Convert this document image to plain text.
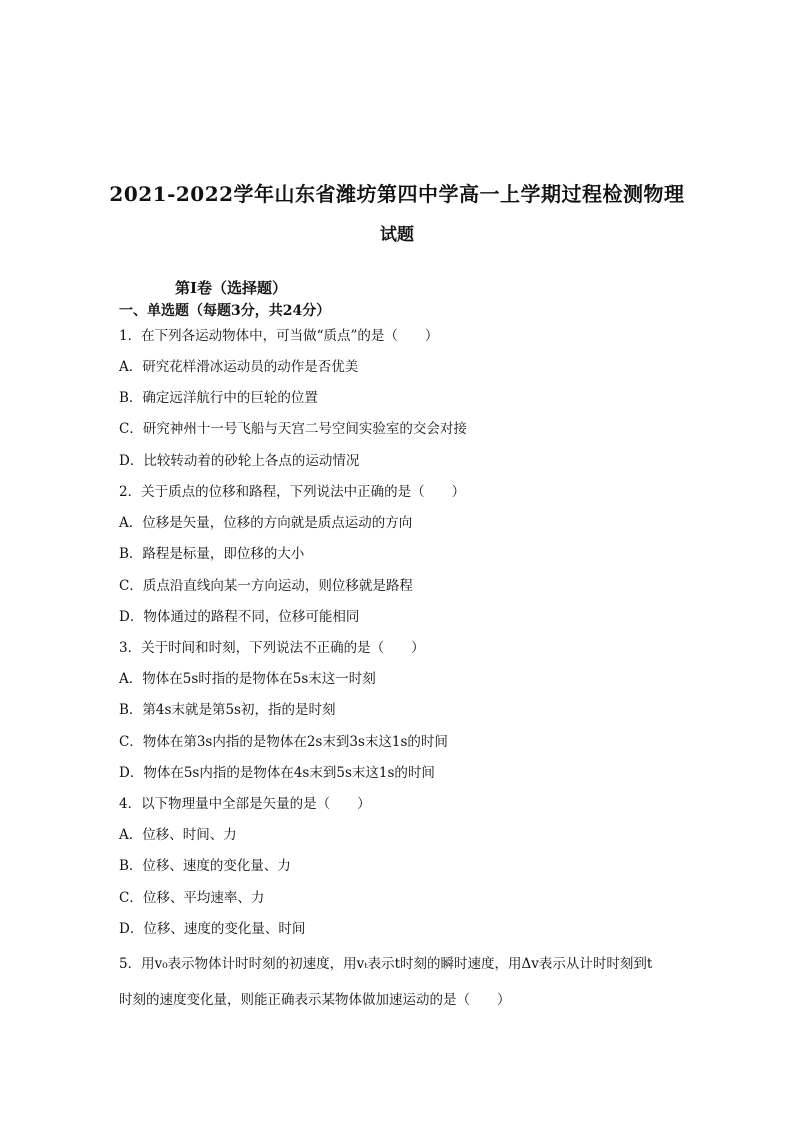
2021-2022学年山东省潍坊第四中学高一上学期过程检测物理
试题
第I卷（选择题）
一、单选题（每题3分，共24分）
1．在下列各运动物体中，可当做“质点”的是（　　）
A．研究花样滑冰运动员的动作是否优美
B．确定远洋航行中的巨轮的位置
C．研究神州十一号飞船与天宫二号空间实验室的交会对接
D．比较转动着的砂轮上各点的运动情况
2．关于质点的位移和路程，下列说法中正确的是（　　）
A．位移是矢量，位移的方向就是质点运动的方向
B．路程是标量，即位移的大小
C．质点沿直线向某一方向运动，则位移就是路程
D．物体通过的路程不同，位移可能相同
3．关于时间和时刻，下列说法不正确的是（　　）
A．物体在5s时指的是物体在5s末这一时刻
B．第4s末就是第5s初，指的是时刻
C．物体在第3s内指的是物体在2s末到3s末这1s的时间
D．物体在5s内指的是物体在4s末到5s末这1s的时间
4．以下物理量中全部是矢量的是（　　）
A．位移、时间、力
B．位移、速度的变化量、力
C．位移、平均速率、力
D．位移、速度的变化量、时间
5．用v₀表示物体计时时刻的初速度，用vₜ表示t时刻的瞬时速度，用Δv表示从计时时刻到t
时刻的速度变化量，则能正确表示某物体做加速运动的是（　　）
